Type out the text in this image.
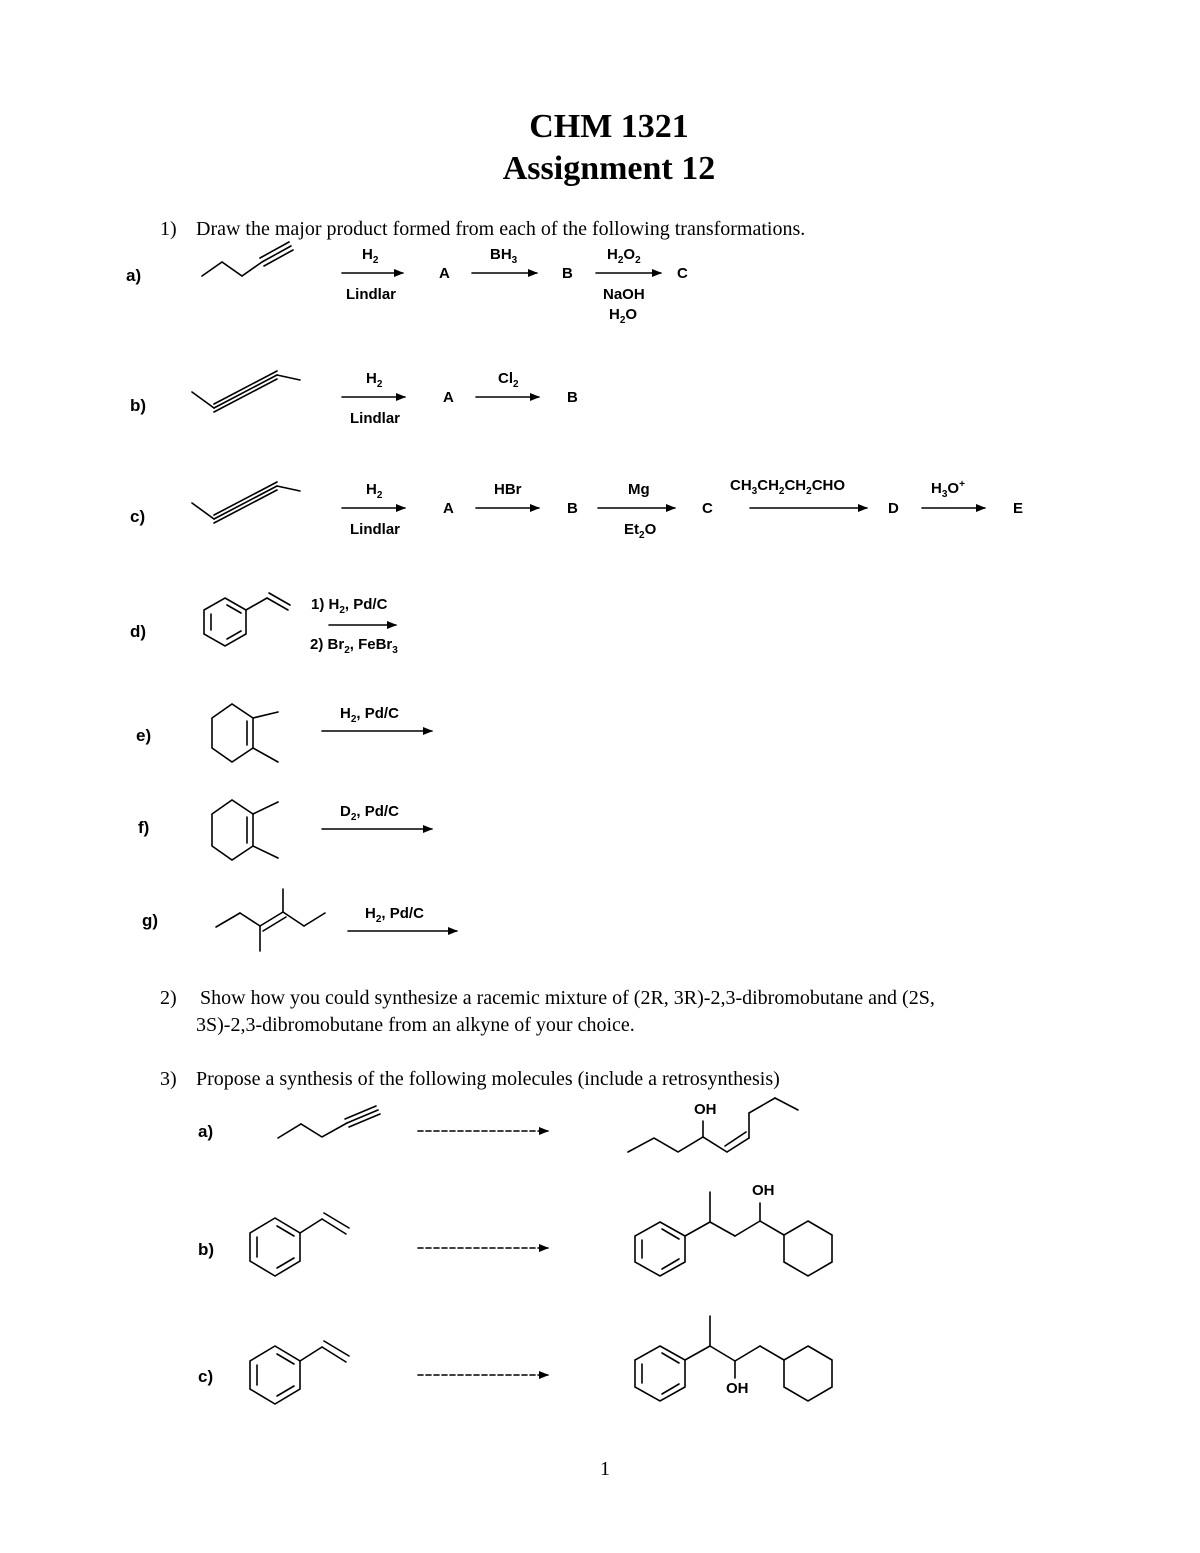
CHM 1321
Assignment 12
1) Draw the major product formed from each of the following transformations.
a)
b)
c)
d)
e)
f)
g)
$H_2$
Lindlar
A
$BH_3$
B
$H_2O_2$
NaOH
$H_2O$
C
$H_2$
Lindlar
A
$Cl_2$
B
$H_2$
Lindlar
A
HBr
B
Mg
$Et_2O$
C
$CH_3CH_2CH_2CHO$
D
$H_3O^+$
E
1) $H_2$, Pd/C
2) $Br_2$, FeBr$_3$
$H_2$, Pd/C
$D_2$, Pd/C
$H_2$, Pd/C
2) Show how you could synthesize a racemic mixture of (2R, 3R)-2,3-dibromobutane and (2S,
3S)-2,3-dibromobutane from an alkyne of your choice.
3) Propose a synthesis of the following molecules (include a retrosynthesis)
a)
b)
c)
OH
OH
OH
1
